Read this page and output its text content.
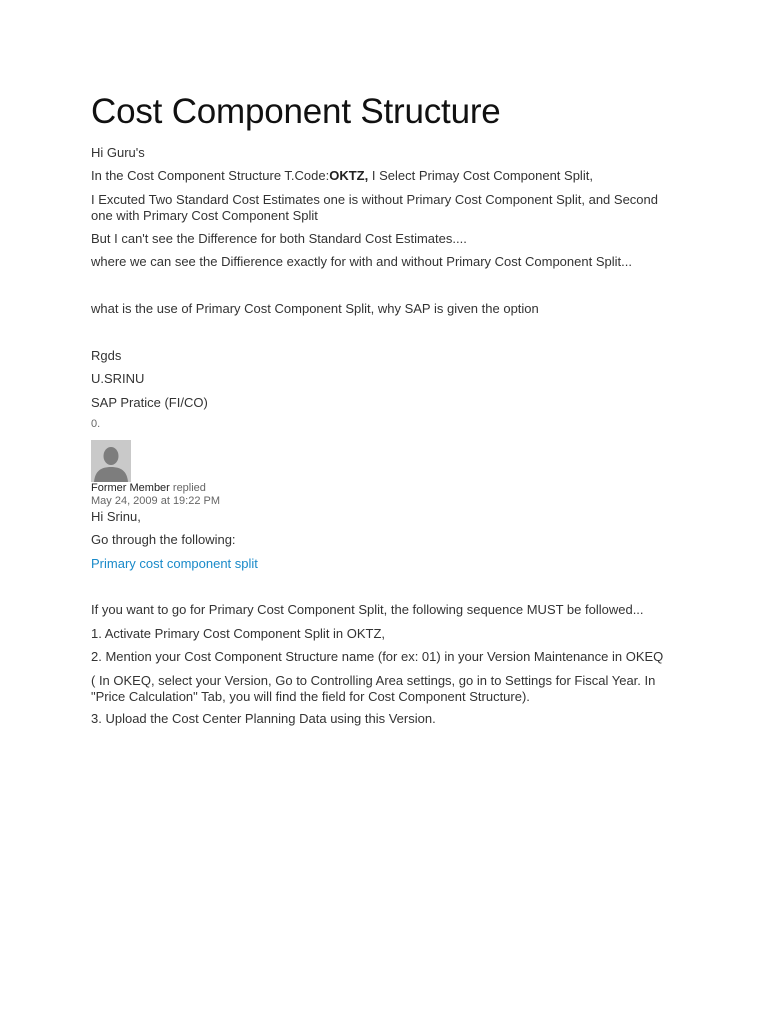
Cost Component Structure

Hi Guru's

In the Cost Component Structure T.Code:OKTZ, I Select Primay Cost Component Split,

I Excuted Two Standard Cost Estimates one is without Primary Cost Component Split, and Second one with Primary Cost Component Split

But I can't see the Difference for both Standard Cost Estimates....

where we can see the Diffierence exactly for with and without Primary Cost Component Split...

what is the use of Primary Cost Component Split, why SAP is given the option

Rgds

U.SRINU

SAP Pratice (FI/CO)

0.
Former Member replied
May 24, 2009 at 19:22 PM

Hi Srinu,

Go through the following:

Primary cost component split

If you want to go for Primary Cost Component Split, the following sequence MUST be followed...

1. Activate Primary Cost Component Split in OKTZ,

2. Mention your Cost Component Structure name (for ex: 01) in your Version Maintenance in OKEQ

( In OKEQ, select your Version, Go to Controlling Area settings, go in to Settings for Fiscal Year. In "Price Calculation" Tab, you will find the field for Cost Component Structure).

3. Upload the Cost Center Planning Data using this Version.
